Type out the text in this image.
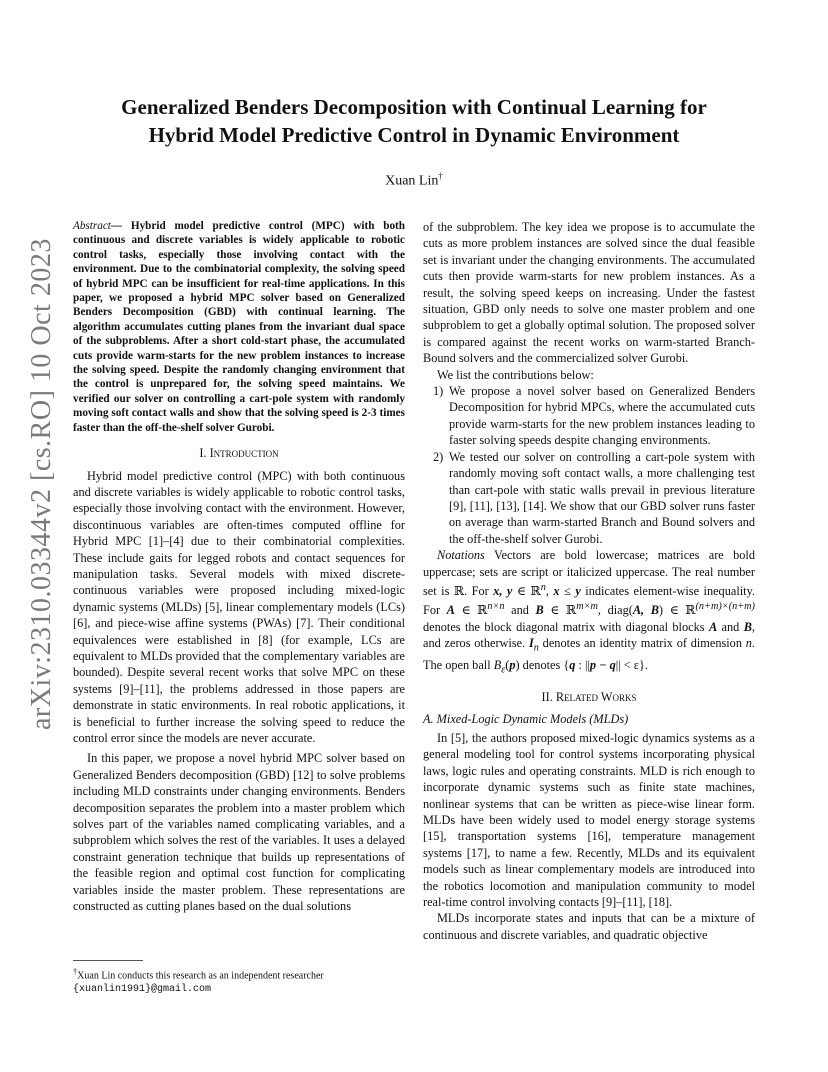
arXiv:2310.03344v2 [cs.RO] 10 Oct 2023
Generalized Benders Decomposition with Continual Learning for
Hybrid Model Predictive Control in Dynamic Environment
Xuan Lin†

Abstract— Hybrid model predictive control (MPC) with both continuous and discrete variables is widely applicable to robotic control tasks, especially those involving contact with the environment. Due to the combinatorial complexity, the solving speed of hybrid MPC can be insufficient for real-time applications. In this paper, we proposed a hybrid MPC solver based on Generalized Benders Decomposition (GBD) with continual learning. The algorithm accumulates cutting planes from the invariant dual space of the subproblems. After a short cold-start phase, the accumulated cuts provide warm-starts for the new problem instances to increase the solving speed. Despite the randomly changing environment that the control is unprepared for, the solving speed maintains. We verified our solver on controlling a cart-pole system with randomly moving soft contact walls and show that the solving speed is 2-3 times faster than the off-the-shelf solver Gurobi.

I. Introduction

Hybrid model predictive control (MPC) with both continuous and discrete variables is widely applicable to robotic control tasks, especially those involving contact with the environment. However, discontinuous variables are often-times computed offline for Hybrid MPC [1]–[4] due to their combinatorial complexities. These include gaits for legged robots and contact sequences for manipulation tasks. Several models with mixed discrete-continuous variables were proposed including mixed-logic dynamic systems (MLDs) [5], linear complementary models (LCs) [6], and piece-wise affine systems (PWAs) [7]. Their conditional equivalences were established in [8] (for example, LCs are equivalent to MLDs provided that the complementary variables are bounded). Despite several recent works that solve MPC on these systems [9]–[11], the problems addressed in those papers are demonstrate in static environments. In real robotic applications, it is beneficial to further increase the solving speed to reduce the control error since the models are never accurate.

In this paper, we propose a novel hybrid MPC solver based on Generalized Benders decomposition (GBD) [12] to solve problems including MLD constraints under changing environments. Benders decomposition separates the problem into a master problem which solves part of the variables named complicating variables, and a subproblem which solves the rest of the variables. It uses a delayed constraint generation technique that builds up representations of the feasible region and optimal cost function for complicating variables inside the master problem. These representations are constructed as cutting planes based on the dual solutions

of the subproblem. The key idea we propose is to accumulate the cuts as more problem instances are solved since the dual feasible set is invariant under the changing environments. The accumulated cuts then provide warm-starts for new problem instances. As a result, the solving speed keeps on increasing. Under the fastest situation, GBD only needs to solve one master problem and one subproblem to get a globally optimal solution. The proposed solver is compared against the recent works on warm-started Branch-Bound solvers and the commercialized solver Gurobi.

We list the contributions below:

1) We propose a novel solver based on Generalized Benders Decomposition for hybrid MPCs, where the accumulated cuts provide warm-starts for the new problem instances leading to faster solving speeds despite changing environments.
2) We tested our solver on controlling a cart-pole system with randomly moving soft contact walls, a more challenging test than cart-pole with static walls prevail in previous literature [9], [11], [13], [14]. We show that our GBD solver runs faster on average than warm-started Branch and Bound solvers and the off-the-shelf solver Gurobi.

Notations Vectors are bold lowercase; matrices are bold uppercase; sets are script or italicized uppercase. The real number set is ℝ. For x, y ∈ ℝ$^n$, x ≤ y indicates element-wise inequality. For A ∈ ℝ$^{n\times n}$ and B ∈ ℝ$^{m\times m}$, diag(A, B) ∈ ℝ$^{(n+m)\times(n+m)}$ denotes the block diagonal matrix with diagonal blocks A and B, and zeros otherwise. $I_n$ denotes an identity matrix of dimension n. The open ball $B_\varepsilon(p)$ denotes {q : ||p − q|| < ε}.

II. Related Works
A. Mixed-Logic Dynamic Models (MLDs)

In [5], the authors proposed mixed-logic dynamics systems as a general modeling tool for control systems incorporating physical laws, logic rules and operating constraints. MLD is rich enough to incorporate dynamic systems such as finite state machines, nonlinear systems that can be written as piece-wise linear form. MLDs have been widely used to model energy storage systems [15], transportation systems [16], temperature management systems [17], to name a few. Recently, MLDs and its equivalent models such as linear complementary models are introduced into the robotics locomotion and manipulation community to model real-time control involving contacts [9]–[11], [18].

MLDs incorporate states and inputs that can be a mixture of continuous and discrete variables, and quadratic objective

†Xuan Lin conducts this research as an independent researcher
{xuanlin1991}@gmail.com
